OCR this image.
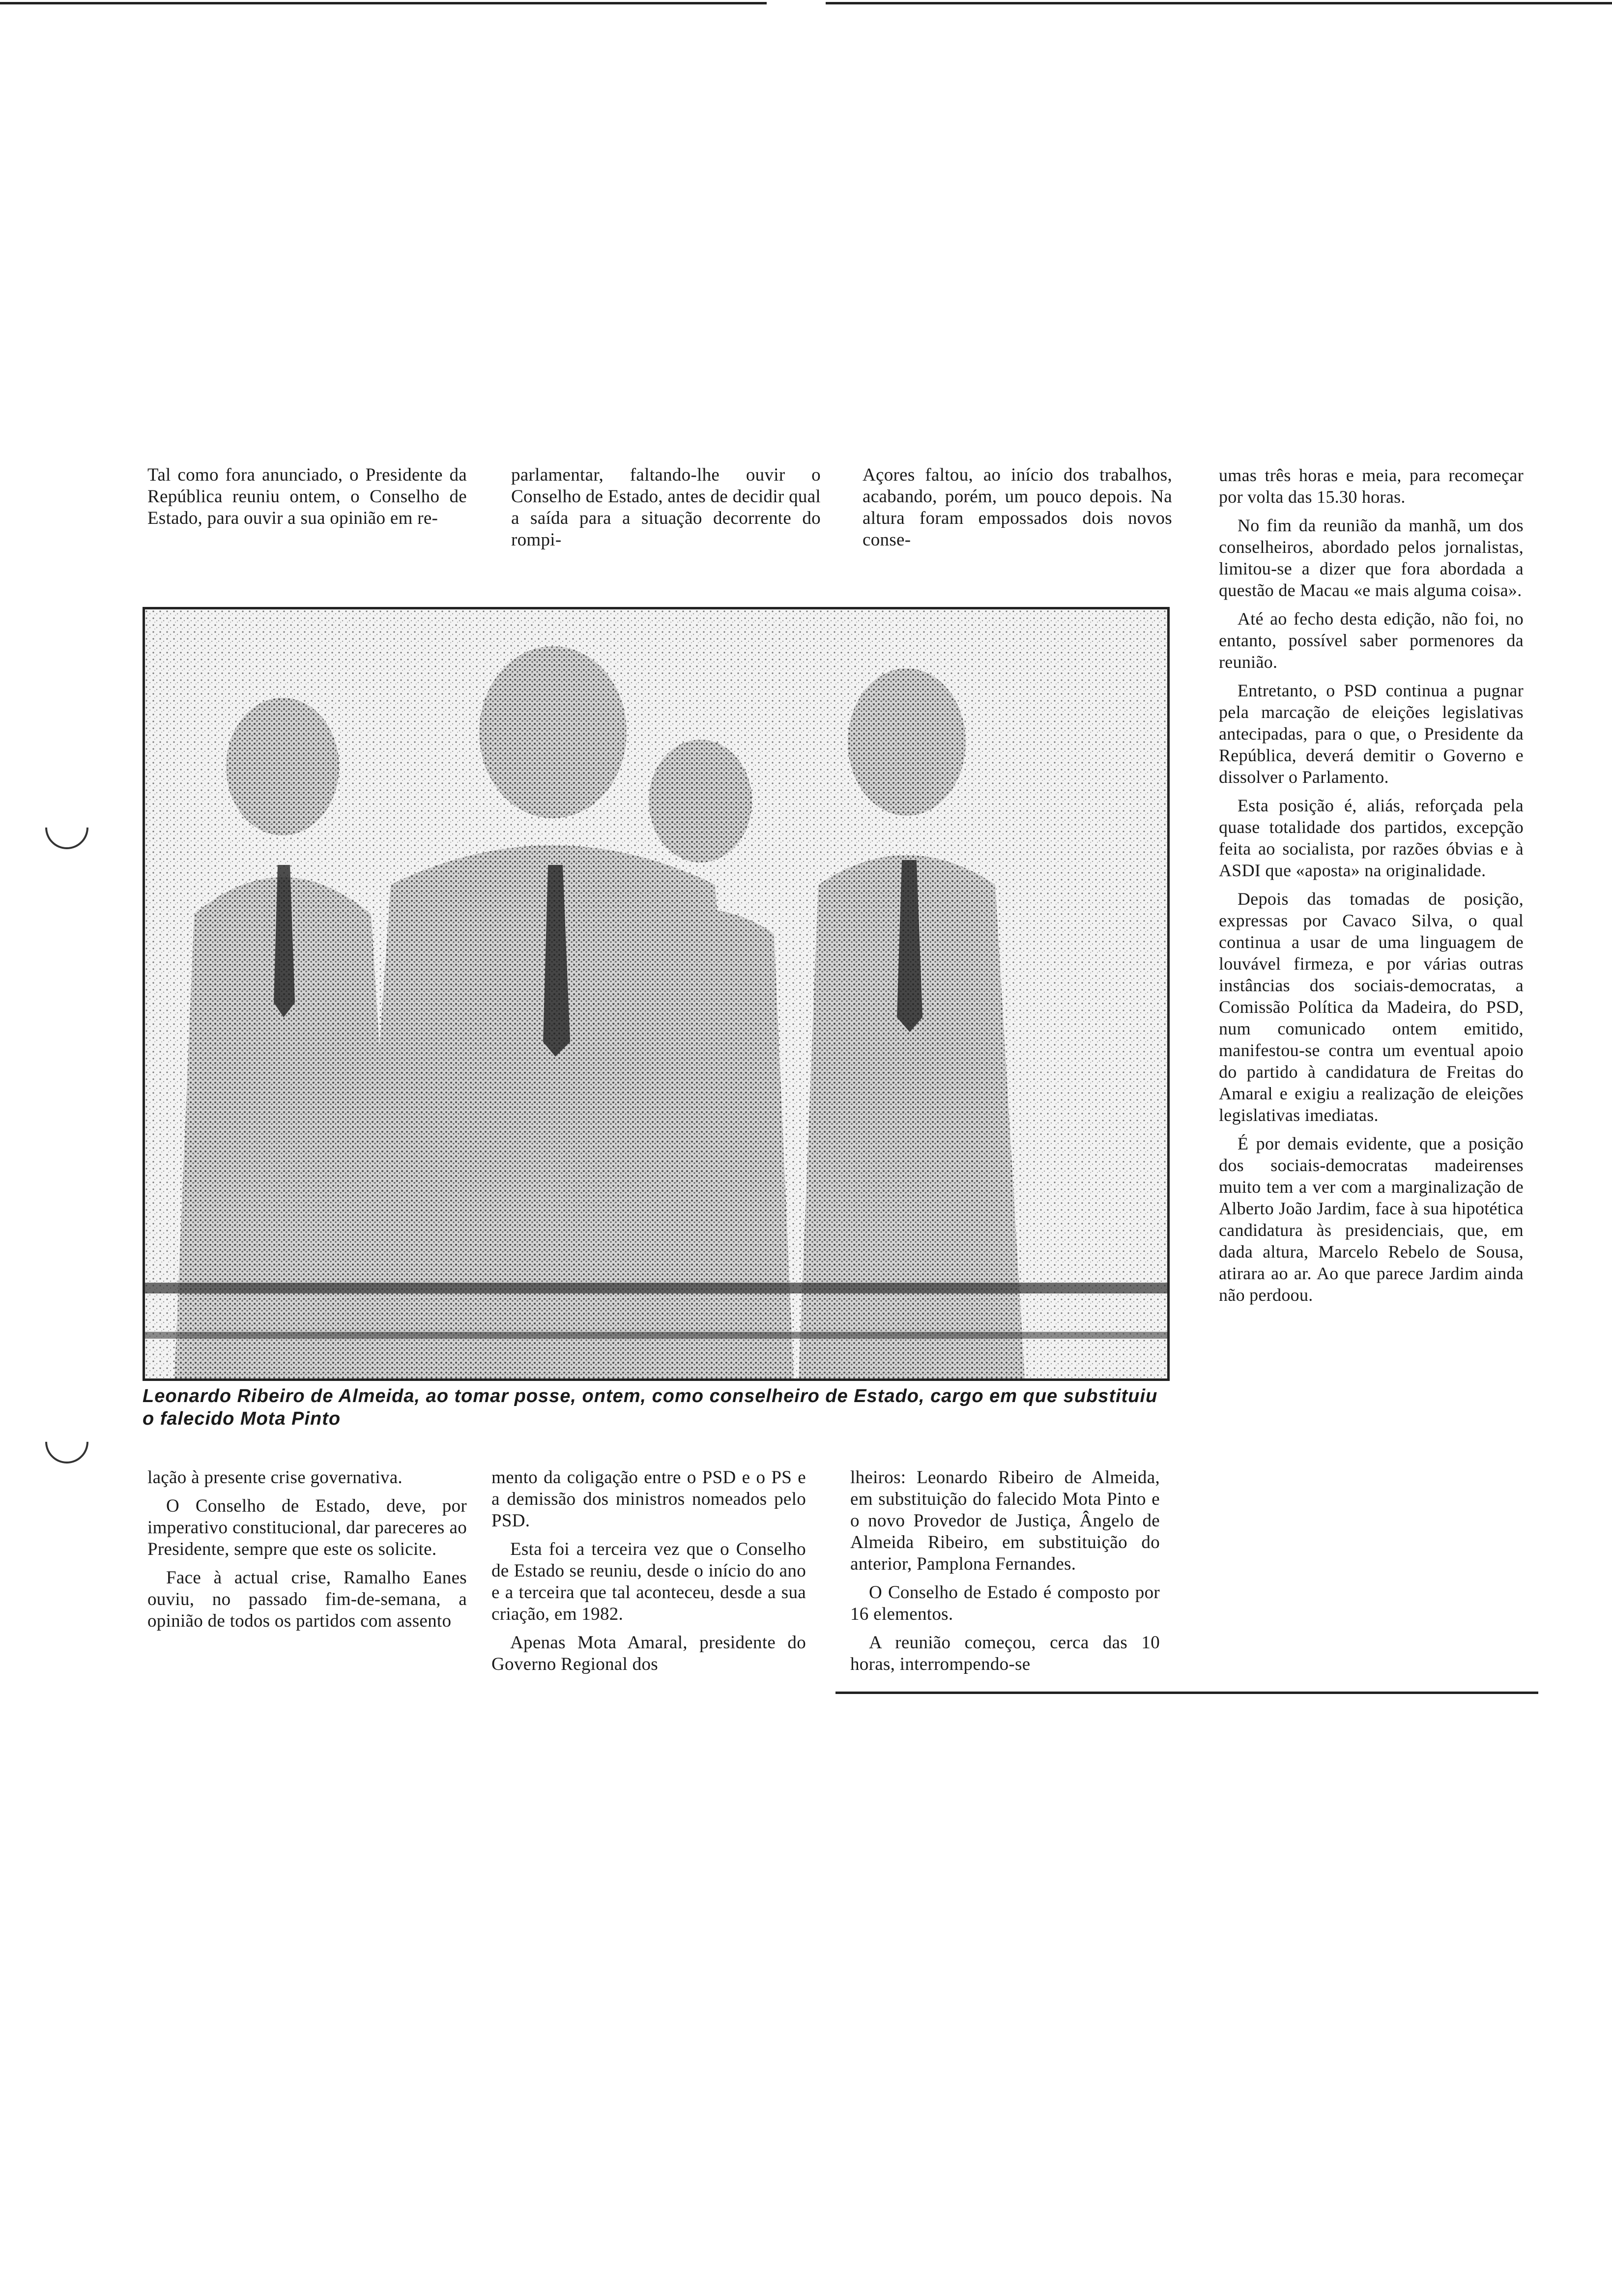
Tal como fora anunciado, o Presidente da República reuniu ontem, o Conselho de Estado, para ouvir a sua opinião em re-

parlamentar, faltando-lhe ouvir o Conselho de Estado, antes de decidir qual a saída para a situação decorrente do rompi-

Açores faltou, ao início dos trabalhos, acabando, porém, um pouco depois. Na altura foram empossados dois novos conse-

umas três horas e meia, para recomeçar por volta das 15.30 horas.

No fim da reunião da manhã, um dos conselheiros, abordado pelos jornalistas, limitou-se a dizer que fora abordada a questão de Macau «e mais alguma coisa».

Até ao fecho desta edição, não foi, no entanto, possível saber pormenores da reunião.

Entretanto, o PSD continua a pugnar pela marcação de eleições legislativas antecipadas, para o que, o Presidente da República, deverá demitir o Governo e dissolver o Parlamento.

Esta posição é, aliás, reforçada pela quase totalidade dos partidos, excepção feita ao socialista, por razões óbvias e à ASDI que «aposta» na originalidade.

Depois das tomadas de posição, expressas por Cavaco Silva, o qual continua a usar de uma linguagem de louvável firmeza, e por várias outras instâncias dos sociais-democratas, a Comissão Política da Madeira, do PSD, num comunicado ontem emitido, manifestou-se contra um eventual apoio do partido à candidatura de Freitas do Amaral e exigiu a realização de eleições legislativas imediatas.

É por demais evidente, que a posição dos sociais-democratas madeirenses muito tem a ver com a marginalização de Alberto João Jardim, face à sua hipotética candidatura às presidenciais, que, em dada altura, Marcelo Rebelo de Sousa, atirara ao ar. Ao que parece Jardim ainda não perdoou.

Leonardo Ribeiro de Almeida, ao tomar posse, ontem, como conselheiro de Estado, cargo em que substituiu o falecido Mota Pinto

lação à presente crise governativa.

O Conselho de Estado, deve, por imperativo constitucional, dar pareceres ao Presidente, sempre que este os solicite.

Face à actual crise, Ramalho Eanes ouviu, no passado fim-de-semana, a opinião de todos os partidos com assento

mento da coligação entre o PSD e o PS e a demissão dos ministros nomeados pelo PSD.

Esta foi a terceira vez que o Conselho de Estado se reuniu, desde o início do ano e a terceira que tal aconteceu, desde a sua criação, em 1982.

Apenas Mota Amaral, presidente do Governo Regional dos

lheiros: Leonardo Ribeiro de Almeida, em substituição do falecido Mota Pinto e o novo Provedor de Justiça, Ângelo de Almeida Ribeiro, em substituição do anterior, Pamplona Fernandes.

O Conselho de Estado é composto por 16 elementos.

A reunião começou, cerca das 10 horas, interrompendo-se
